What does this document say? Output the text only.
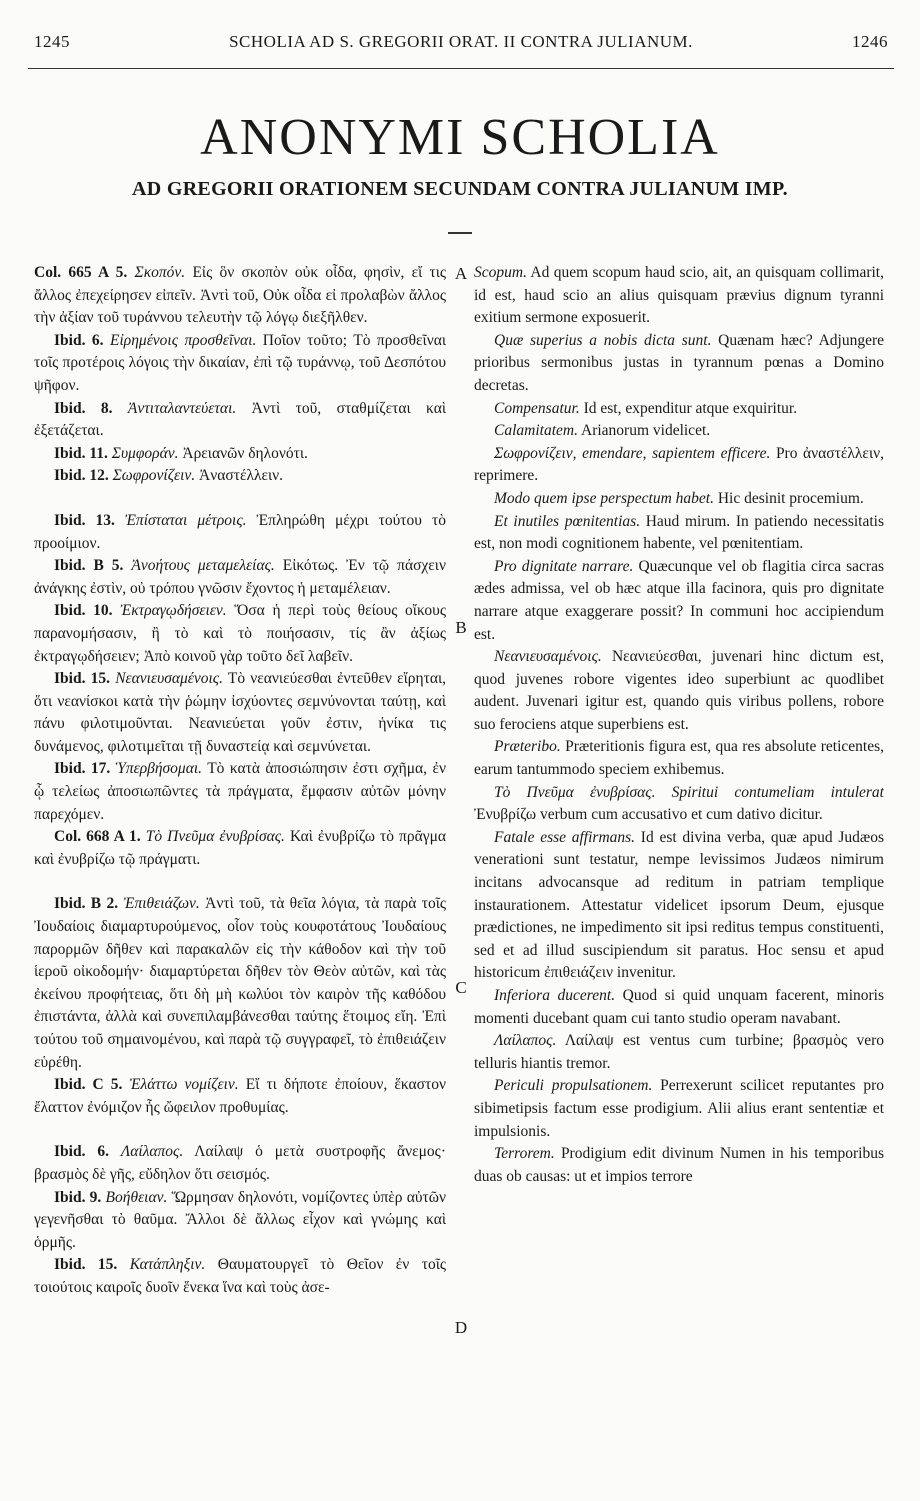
1245	SCHOLIA AD S. GREGORII ORAT. II CONTRA JULIANUM.	1246
ANONYMI SCHOLIA
AD GREGORII ORATIONEM SECUNDAM CONTRA JULIANUM IMP.
A
B
C
D

Col. 665 A 5. Σκοπόν. Εἰς ὃν σκοπὸν οὐκ οἶδα, φησὶν, εἴ τις ἄλλος ἐπεχείρησεν εἰπεῖν. Ἀντὶ τοῦ, Οὐκ οἶδα εἰ προλαβὼν ἄλλος τὴν ἀξίαν τοῦ τυράννου τελευτὴν τῷ λόγῳ διεξῆλθεν.

Ibid. 6. Εἰρημένοις προσθεῖναι. Ποῖον τοῦτο; Τὸ προσθεῖναι τοῖς προτέροις λόγοις τὴν δικαίαν, ἐπὶ τῷ τυράννῳ, τοῦ Δεσπότου ψῆφον.

Ibid. 8. Ἀντιταλαντεύεται. Ἀντὶ τοῦ, σταθμίζεται καὶ ἐξετάζεται.

Ibid. 11. Συμφοράν. Ἀρειανῶν δηλονότι.

Ibid. 12. Σωφρονίζειν. Ἀναστέλλειν.

Ibid. 13. Ἐπίσταται μέτροις. Ἐπληρώθη μέχρι τούτου τὸ προοίμιον.

Ibid. B 5. Ἀνοήτους μεταμελείας. Εἰκότως. Ἐν τῷ πάσχειν ἀνάγκης ἐστὶν, οὐ τρόπου γνῶσιν ἔχοντος ἡ μεταμέλειαν.

Ibid. 10. Ἐκτραγῳδήσειεν. Ὅσα ἡ περὶ τοὺς θείους οἴκους παρανομήσασιν, ἢ τὸ καὶ τὸ ποιήσασιν, τίς ἂν ἀξίως ἐκτραγῳδήσειεν; Ἀπὸ κοινοῦ γὰρ τοῦτο δεῖ λαβεῖν.

Ibid. 15. Νεανιευσαμένοις. Τὸ νεανιεύεσθαι ἐντεῦθεν εἴρηται, ὅτι νεανίσκοι κατὰ τὴν ῥώμην ἰσχύοντες σεμνύνονται ταύτῃ, καὶ πάνυ φιλοτιμοῦνται. Νεανιεύεται γοῦν ἐστιν, ἡνίκα τις δυνάμενος, φιλοτιμεῖται τῇ δυναστείᾳ καὶ σεμνύνεται.

Ibid. 17. Ὑπερβήσομαι. Τὸ κατὰ ἀποσιώπησιν ἐστι σχῆμα, ἐν ᾧ τελείως ἀποσιωπῶντες τὰ πράγματα, ἔμφασιν αὐτῶν μόνην παρεχόμεν.

Col. 668 A 1. Τὸ Πνεῦμα ἐνυβρίσας. Καὶ ἐνυβρίζω τὸ πρᾶγμα καὶ ἐνυβρίζω τῷ πράγματι.

Ibid. B 2. Ἐπιθειάζων. Ἀντὶ τοῦ, τὰ θεῖα λόγια, τὰ παρὰ τοῖς Ἰουδαίοις διαμαρτυρούμενος, οἷον τοὺς κουφοτάτους Ἰουδαίους παρορμῶν δῆθεν καὶ παρακαλῶν εἰς τὴν κάθοδον καὶ τὴν τοῦ ἱεροῦ οἰκοδομήν· διαμαρτύρεται δῆθεν τὸν Θεὸν αὐτῶν, καὶ τὰς ἐκείνου προφήτειας, ὅτι δὴ μὴ κωλύοι τὸν καιρὸν τῆς καθόδου ἐπιστάντα, ἀλλὰ καὶ συνεπιλαμβάνεσθαι ταύτης ἕτοιμος εἴη. Ἐπὶ τούτου τοῦ σημαινομένου, καὶ παρὰ τῷ συγγραφεῖ, τὸ ἐπιθειάζειν εὑρέθη.

Ibid. C 5. Ἐλάττω νομίζειν. Εἴ τι δήποτε ἐποίουν, ἕκαστον ἔλαττον ἐνόμιζον ἧς ὤφειλον προθυμίας.

Ibid. 6. Λαίλαπος. Λαίλαψ ὁ μετὰ συστροφῆς ἄνεμος· βρασμὸς δὲ γῆς, εὔδηλον ὅτι σεισμός.

Ibid. 9. Βοήθειαν. Ὥρμησαν δηλονότι, νομίζοντες ὑπὲρ αὐτῶν γεγενῆσθαι τὸ θαῦμα. Ἄλλοι δὲ ἄλλως εἶχον καὶ γνώμης καὶ ὁρμῆς.

Ibid. 15. Κατάπληξιν. Θαυματουργεῖ τὸ Θεῖον ἐν τοῖς τοιούτοις καιροῖς δυοῖν ἕνεκα ἵνα καὶ τοὺς ἀσε-

Scopum. Ad quem scopum haud scio, ait, an quisquam collimarit, id est, haud scio an alius quisquam prævius dignum tyranni exitium sermone exposuerit.

Quæ superius a nobis dicta sunt. Quænam hæc? Adjungere prioribus sermonibus justas in tyrannum pœnas a Domino decretas.

Compensatur. Id est, expenditur atque exquiritur.

Calamitatem. Arianorum videlicet.

Σωφρονίζειν, emendare, sapientem efficere. Pro ἀναστέλλειν, reprimere.

Modo quem ipse perspectum habet. Hic desinit procemium.

Et inutiles pœnitentias. Haud mirum. In patiendo necessitatis est, non modi cognitionem habente, vel pœnitentiam.

Pro dignitate narrare. Quæcunque vel ob flagitia circa sacras ædes admissa, vel ob hæc atque illa facinora, quis pro dignitate narrare atque exaggerare possit? In communi hoc accipiendum est.

Νεανιευσαμένοις. Νεανιεύεσθαι, juvenari hinc dictum est, quod juvenes robore vigentes ideo superbiunt ac quodlibet audent. Juvenari igitur est, quando quis viribus pollens, robore suo ferociens atque superbiens est.

Præteribo. Præteritionis figura est, qua res absolute reticentes, earum tantummodo speciem exhibemus.

Τὸ Πνεῦμα ἐνυβρίσας. Spiritui contumeliam intulerat Ἐνυβρίζω verbum cum accusativo et cum dativo dicitur.

Fatale esse affirmans. Id est divina verba, quæ apud Judæos venerationi sunt testatur, nempe levissimos Judæos nimirum incitans advocansque ad reditum in patriam templique instaurationem. Attestatur videlicet ipsorum Deum, ejusque prædictiones, ne impedimento sit ipsi reditus tempus constituenti, sed et ad illud suscipiendum sit paratus. Hoc sensu et apud historicum ἐπιθειάζειν invenitur.

Inferiora ducerent. Quod si quid unquam facerent, minoris momenti ducebant quam cui tanto studio operam navabant.

Λαίλαπος. Λαίλαψ est ventus cum turbine; βρασμὸς vero telluris hiantis tremor.

Periculi propulsationem. Perrexerunt scilicet reputantes pro sibimetipsis factum esse prodigium. Alii alius erant sententiæ et impulsionis.

Terrorem. Prodigium edit divinum Numen in his temporibus duas ob causas: ut et impios terrore
